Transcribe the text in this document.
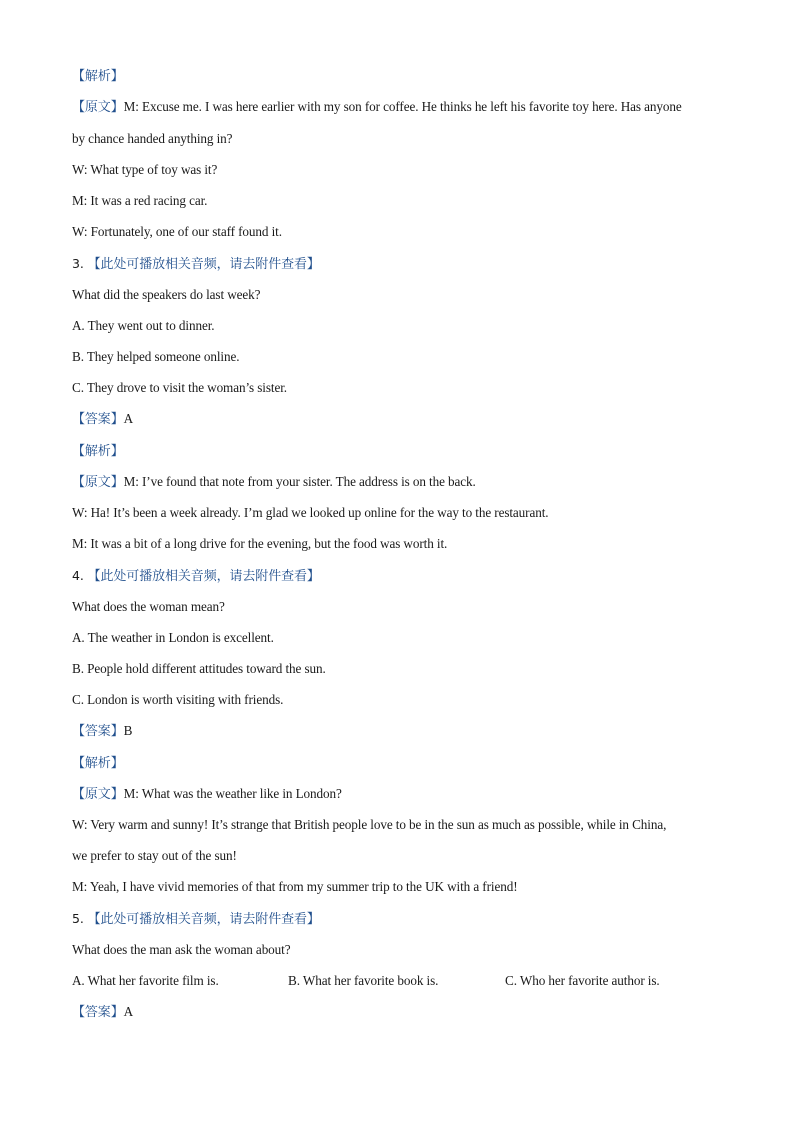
【解析】
【原文】M: Excuse me. I was here earlier with my son for coffee. He thinks he left his favorite toy here. Has anyone
by chance handed anything in?
W: What type of toy was it?
M: It was a red racing car.
W: Fortunately, one of our staff found it.
3. 【此处可播放相关音频，请去附件查看】
What did the speakers do last week?
A. They went out to dinner.
B. They helped someone online.
C. They drove to visit the woman’s sister.
【答案】A
【解析】
【原文】M: I’ve found that note from your sister. The address is on the back.
W: Ha! It’s been a week already. I’m glad we looked up online for the way to the restaurant.
M: It was a bit of a long drive for the evening, but the food was worth it.
4. 【此处可播放相关音频，请去附件查看】
What does the woman mean?
A. The weather in London is excellent.
B. People hold different attitudes toward the sun.
C. London is worth visiting with friends.
【答案】B
【解析】
【原文】M: What was the weather like in London?
W: Very warm and sunny! It’s strange that British people love to be in the sun as much as possible, while in China,
we prefer to stay out of the sun!
M: Yeah, I have vivid memories of that from my summer trip to the UK with a friend!
5. 【此处可播放相关音频，请去附件查看】
What does the man ask the woman about?
A. What her favorite film is.	B. What her favorite book is.	C. Who her favorite author is.
【答案】A
